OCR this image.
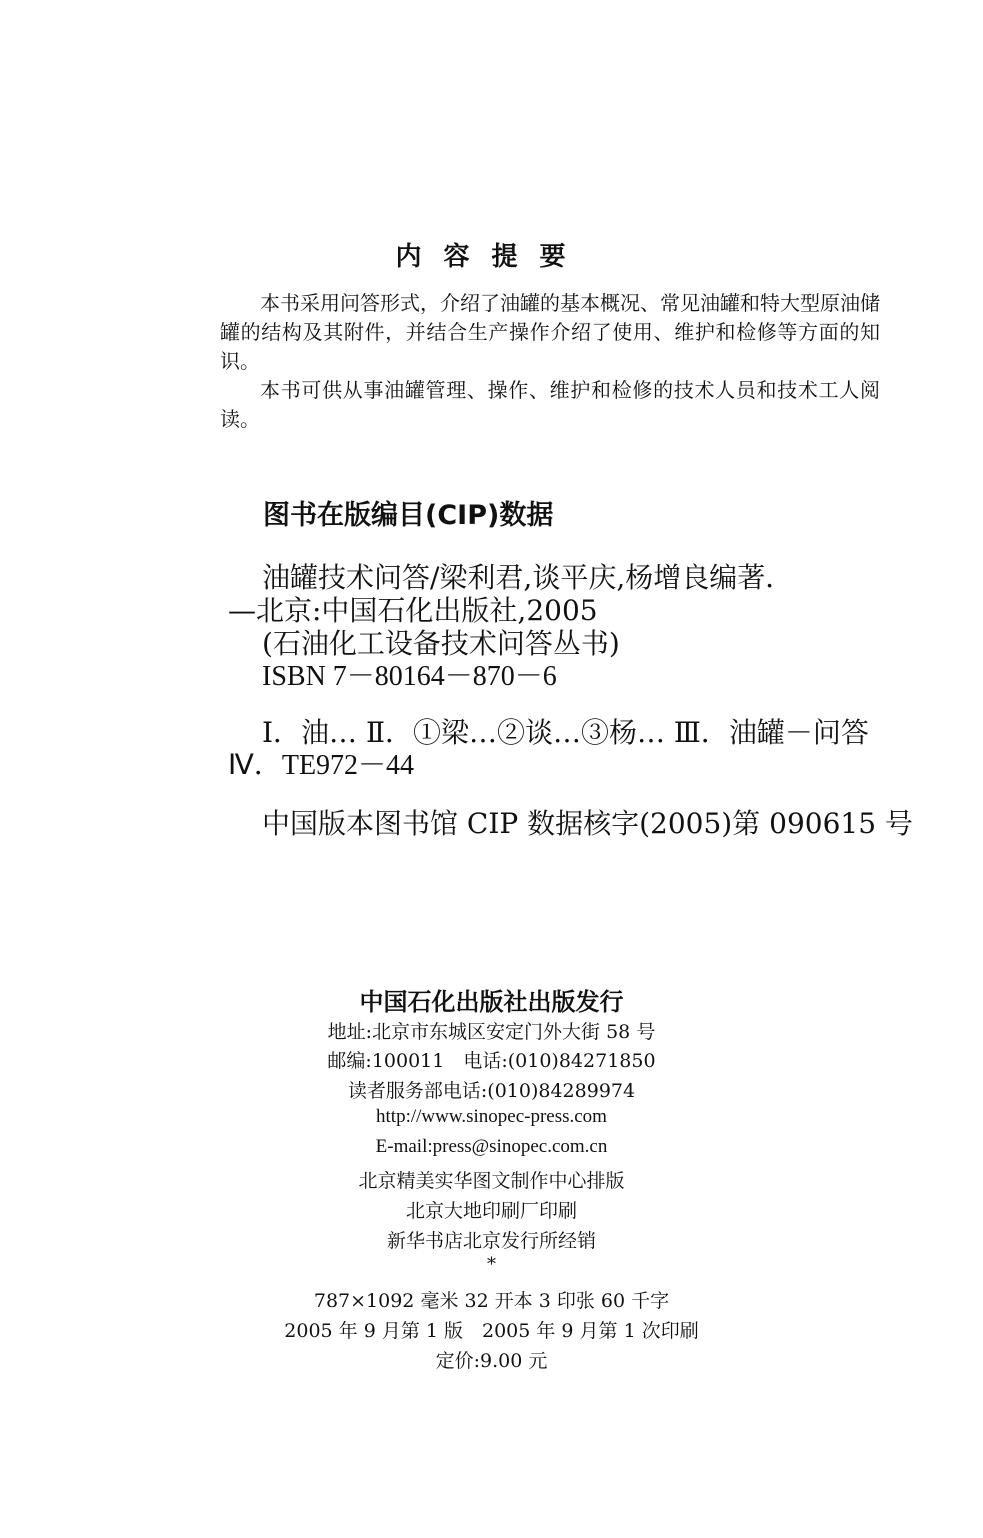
内容提要

本书采用问答形式，介绍了油罐的基本概况、常见油罐和特大型原油储罐的结构及其附件，并结合生产操作介绍了使用、维护和检修等方面的知识。

本书可供从事油罐管理、操作、维护和检修的技术人员和技术工人阅读。

图书在版编目(CIP)数据
油罐技术问答/梁利君,谈平庆,杨增良编著．
—北京:中国石化出版社,2005
(石油化工设备技术问答丛书)
ISBN 7－80164－870－6
Ⅰ．油… Ⅱ．①梁…②谈…③杨… Ⅲ．油罐－问答
Ⅳ．TE972－44
中国版本图书馆 CIP 数据核字(2005)第 090615 号
中国石化出版社出版发行
地址:北京市东城区安定门外大街 58 号
邮编:100011　电话:(010)84271850
读者服务部电话:(010)84289974
http://www.sinopec-press.com
E-mail:press@sinopec.com.cn
北京精美实华图文制作中心排版
北京大地印刷厂印刷
新华书店北京发行所经销
*
787×1092 毫米 32 开本 3 印张 60 千字
2005 年 9 月第 1 版　2005 年 9 月第 1 次印刷
定价:9.00 元
